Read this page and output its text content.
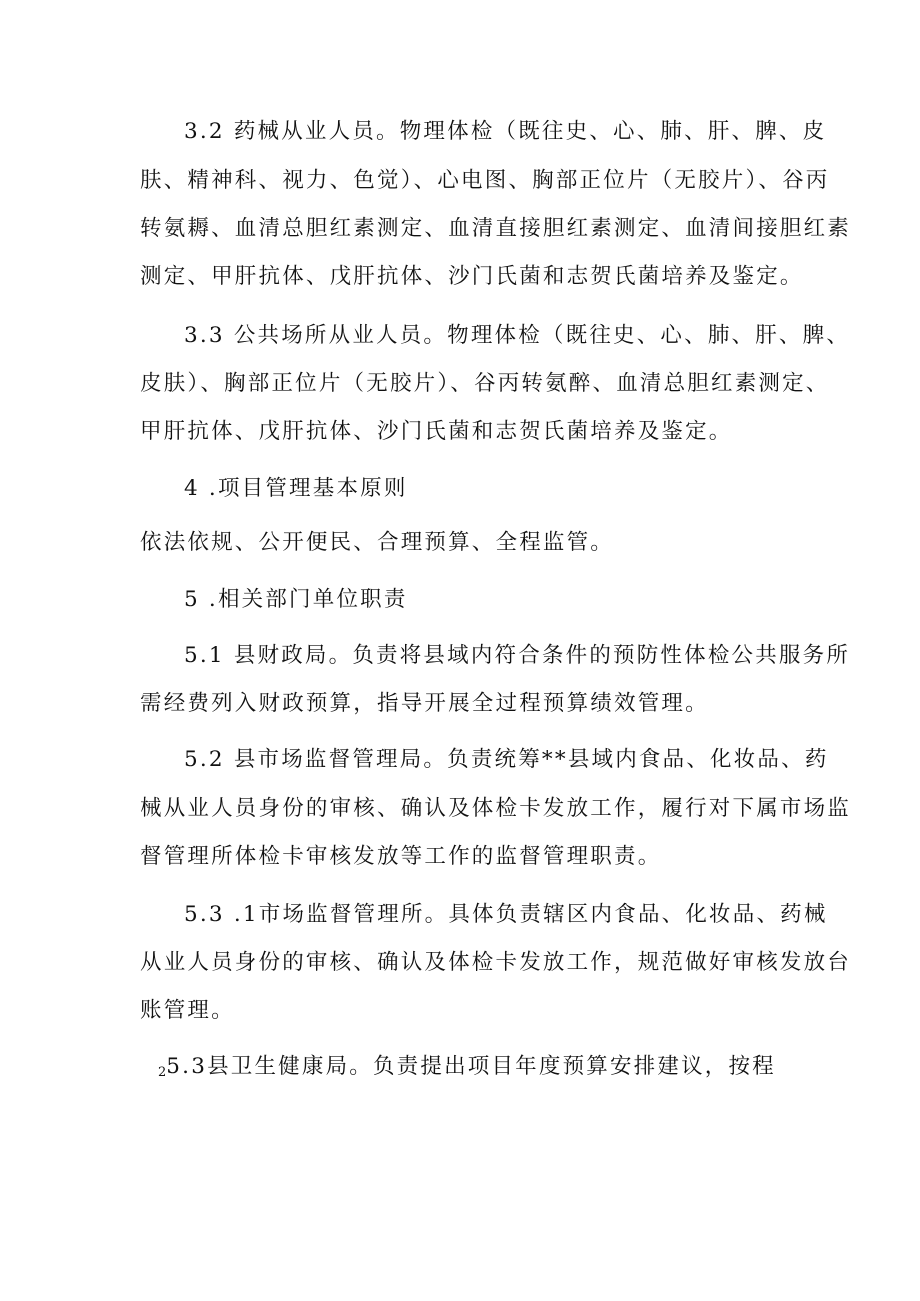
3.2 药械从业人员。物理体检（既往史、心、肺、肝、脾、皮
肤、精神科、视力、色觉）、心电图、胸部正位片（无胶片）、谷丙
转氨耨、血清总胆红素测定、血清直接胆红素测定、血清间接胆红素
测定、甲肝抗体、戊肝抗体、沙门氏菌和志贺氏菌培养及鉴定。
3.3 公共场所从业人员。物理体检（既往史、心、肺、肝、脾、
皮肤）、胸部正位片（无胶片）、谷丙转氨醉、血清总胆红素测定、
甲肝抗体、戊肝抗体、沙门氏菌和志贺氏菌培养及鉴定。
4 .项目管理基本原则
依法依规、公开便民、合理预算、全程监管。
5 .相关部门单位职责
5.1 县财政局。负责将县域内符合条件的预防性体检公共服务所
需经费列入财政预算，指导开展全过程预算绩效管理。
5.2 县市场监督管理局。负责统筹**县域内食品、化妆品、药
械从业人员身份的审核、确认及体检卡发放工作，履行对下属市场监
督管理所体检卡审核发放等工作的监督管理职责。
5.3 .1市场监督管理所。具体负责辖区内食品、化妆品、药械
从业人员身份的审核、确认及体检卡发放工作，规范做好审核发放台
账管理。
25.3县卫生健康局。负责提出项目年度预算安排建议，按程
